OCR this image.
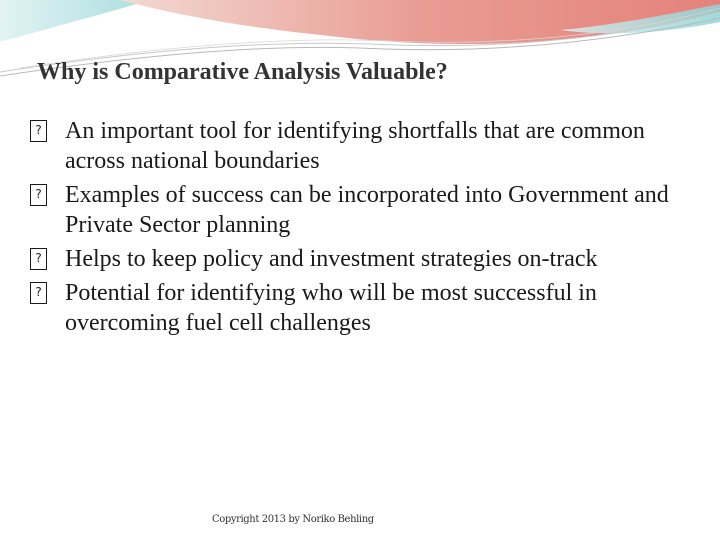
Why is Comparative Analysis Valuable?
? An important tool for identifying shortfalls that are common across national boundaries
? Examples of success can be incorporated into Government and Private Sector planning
? Helps to keep policy and investment strategies on-track
? Potential for identifying who will be most successful in overcoming fuel cell challenges

Copyright 2013 by Noriko Behling
